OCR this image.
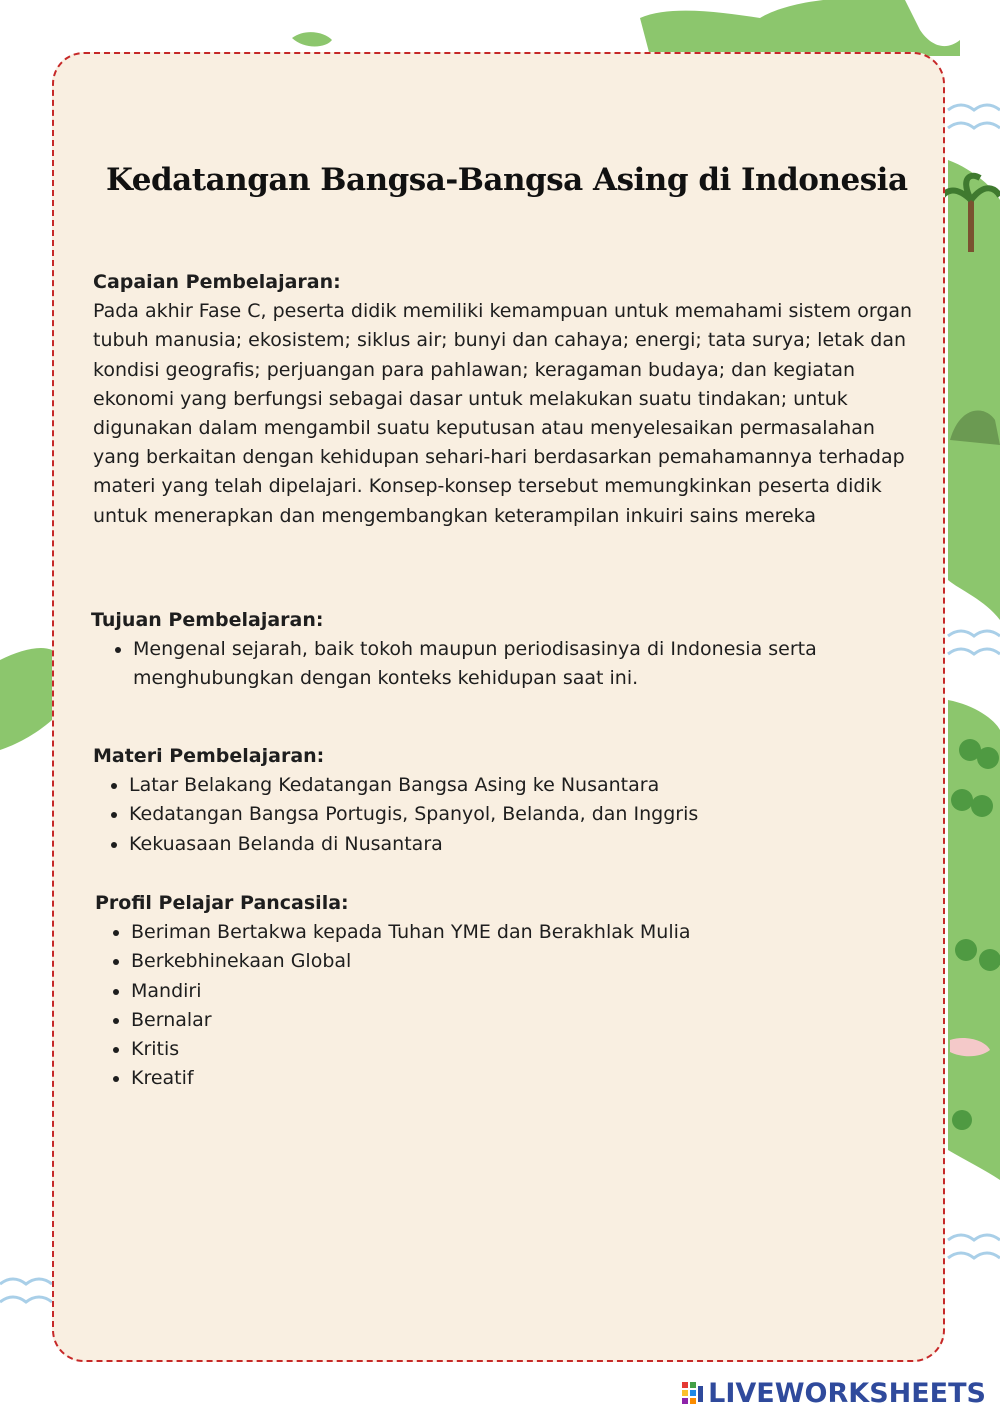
Kedatangan Bangsa-Bangsa Asing di Indonesia
Capaian Pembelajaran:

Pada akhir Fase C, peserta didik memiliki kemampuan untuk memahami sistem organ tubuh manusia; ekosistem; siklus air; bunyi dan cahaya; energi; tata surya; letak dan kondisi geografis; perjuangan para pahlawan; keragaman budaya; dan kegiatan ekonomi yang berfungsi sebagai dasar untuk melakukan suatu tindakan; untuk digunakan dalam mengambil suatu keputusan atau menyelesaikan permasalahan yang berkaitan dengan kehidupan sehari-hari berdasarkan pemahamannya terhadap materi yang telah dipelajari. Konsep-konsep tersebut memungkinkan peserta didik untuk menerapkan dan mengembangkan keterampilan inkuiri sains mereka

Tujuan Pembelajaran:
• Mengenal sejarah, baik tokoh maupun periodisasinya di Indonesia serta menghubungkan dengan konteks kehidupan saat ini.
Materi Pembelajaran:
• Latar Belakang Kedatangan Bangsa Asing ke Nusantara
• Kedatangan Bangsa Portugis, Spanyol, Belanda, dan Inggris
• Kekuasaan Belanda di Nusantara
Profil Pelajar Pancasila:
• Beriman Bertakwa kepada Tuhan YME dan Berakhlak Mulia
• Berkebhinekaan Global
• Mandiri
• Bernalar
• Kritis
• Kreatif
LIVEWORKSHEETS
